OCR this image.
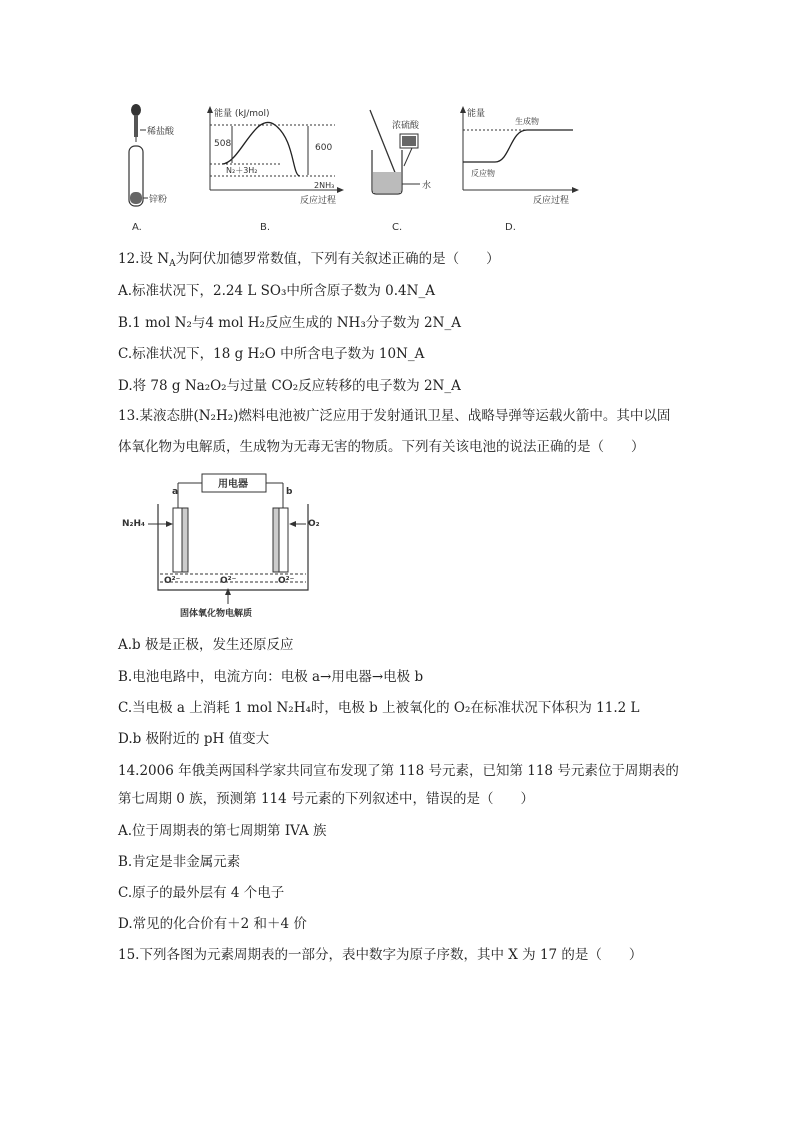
稀盐酸
锌粉
A.
能量 (kJ/mol)
反应过程
508	600
N₂＋3H₂
2NH₃
B.
浓硫酸
水
C.
能量
反应过程
生成物
反应物
D.
12.设 $N_A$为阿伏加德罗常数值，下列有关叙述正确的是（　　）
A.标准状况下，2.24 L SO₃中所含原子数为 0.4N_A
B.1 mol N₂与4 mol H₂反应生成的 NH₃分子数为 2N_A
C.标准状况下，18 g H₂O 中所含电子数为 10N_A
D.将 78 g Na₂O₂与过量 CO₂反应转移的电子数为 2N_A
13.某液态肼(N₂H₂)燃料电池被广泛应用于发射通讯卫星、战略导弹等运载火箭中。其中以固
体氧化物为电解质，生成物为无毒无害的物质。下列有关该电池的说法正确的是（　　）
用电器
a	b
N₂H₄	O₂
O²⁻	O²⁻	O²⁻
固体氧化物电解质
A.b 极是正极，发生还原反应
B.电池电路中，电流方向：电极 a→用电器→电极 b
C.当电极 a 上消耗 1 mol N₂H₄时，电极 b 上被氧化的 O₂在标准状况下体积为 11.2 L
D.b 极附近的 pH 值变大
14.2006 年俄美两国科学家共同宣布发现了第 118 号元素，已知第 118 号元素位于周期表的
第七周期 0 族，预测第 114 号元素的下列叙述中，错误的是（　　）
A.位于周期表的第七周期第 IVA 族
B.肯定是非金属元素
C.原子的最外层有 4 个电子
D.常见的化合价有＋2 和＋4 价
15.下列各图为元素周期表的一部分，表中数字为原子序数，其中 X 为 17 的是（　　）
